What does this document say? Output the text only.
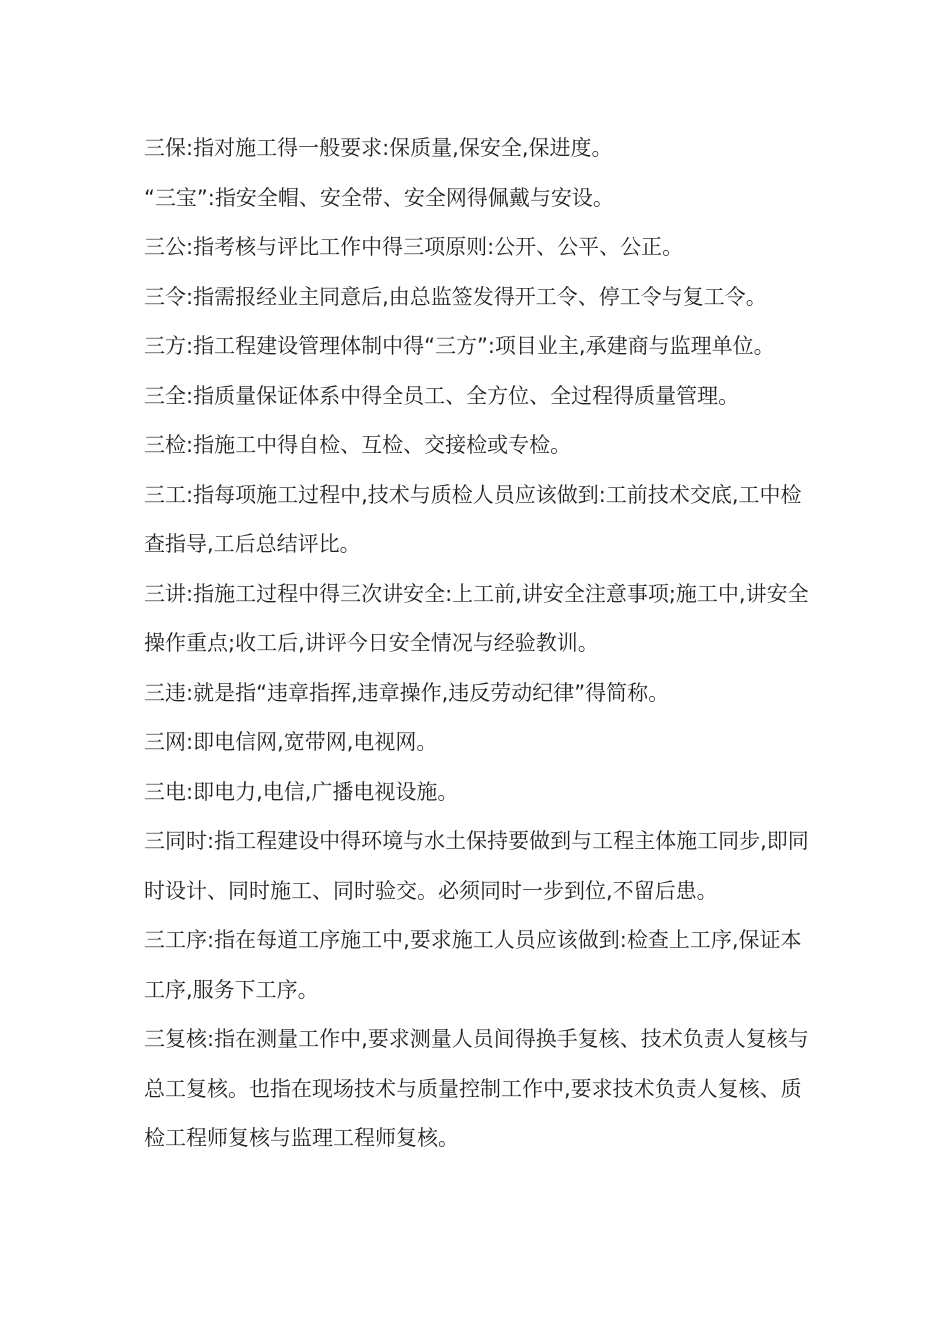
三保:指对施工得一般要求:保质量,保安全,保进度。

“三宝”:指安全帽、安全带、安全网得佩戴与安设。

三公:指考核与评比工作中得三项原则:公开、公平、公正。

三令:指需报经业主同意后,由总监签发得开工令、停工令与复工令。

三方:指工程建设管理体制中得“三方”:项目业主,承建商与监理单位。

三全:指质量保证体系中得全员工、全方位、全过程得质量管理。

三检:指施工中得自检、互检、交接检或专检。

三工:指每项施工过程中,技术与质检人员应该做到:工前技术交底,工中检查指导,工后总结评比。

三讲:指施工过程中得三次讲安全:上工前,讲安全注意事项;施工中,讲安全操作重点;收工后,讲评今日安全情况与经验教训。

三违:就是指“违章指挥,违章操作,违反劳动纪律”得简称。

三网:即电信网,宽带网,电视网。

三电:即电力,电信,广播电视设施。

三同时:指工程建设中得环境与水土保持要做到与工程主体施工同步,即同时设计、同时施工、同时验交。必须同时一步到位,不留后患。

三工序:指在每道工序施工中,要求施工人员应该做到:检查上工序,保证本工序,服务下工序。

三复核:指在测量工作中,要求测量人员间得换手复核、技术负责人复核与总工复核。也指在现场技术与质量控制工作中,要求技术负责人复核、质检工程师复核与监理工程师复核。
